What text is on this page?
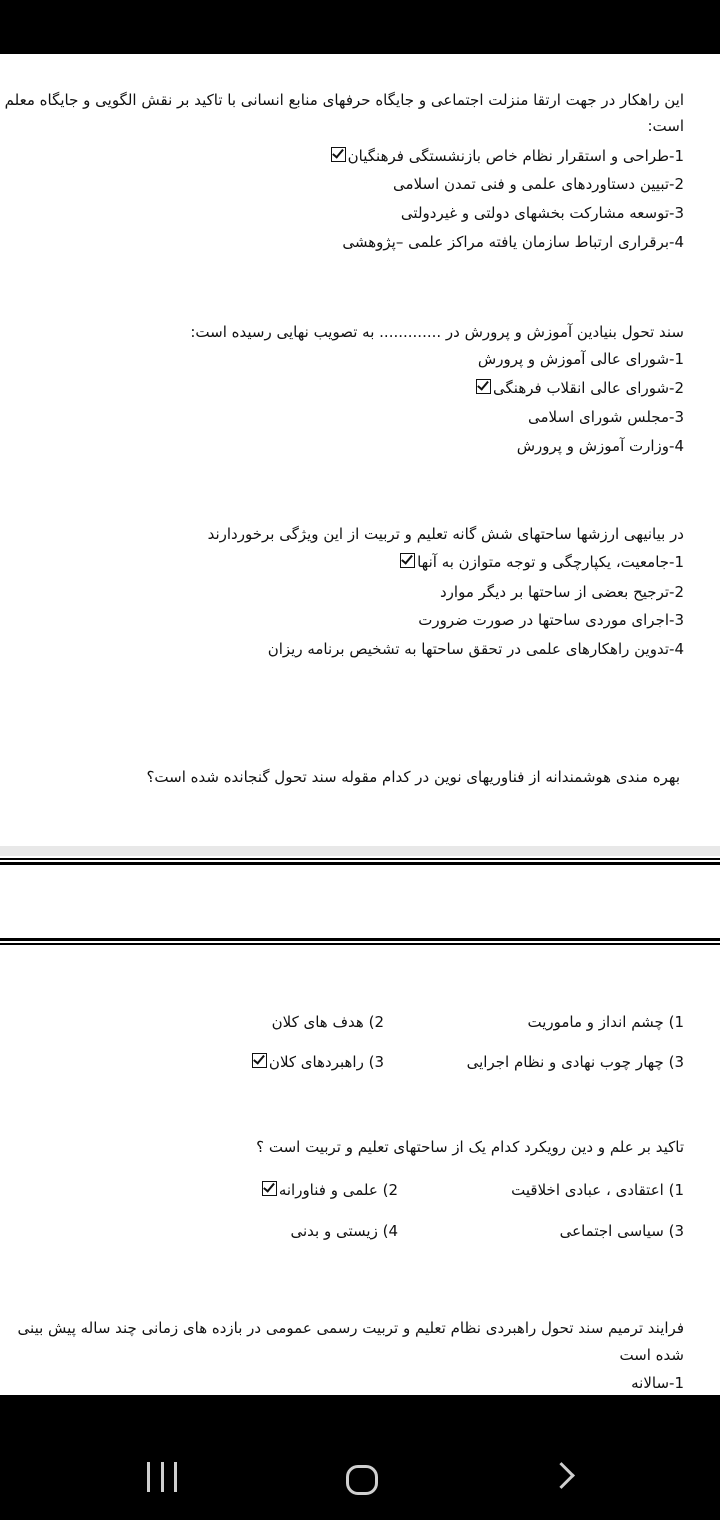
این راهکار در جهت ارتقا منزلت اجتماعی و جایگاه حرفهای منابع انسانی با تاکید بر نقش الگویی و جایگاه معلم
است:
1-طراحی و استقرار نظام خاص بازنشستگی فرهنگیان
2-تبیین دستاوردهای علمی و فنی تمدن اسلامی
3-توسعه مشارکت بخشهای دولتی و غیردولتی
4-برقراری ارتباط سازمان یافته مراکز علمی –پژوهشی
سند تحول بنیادین آموزش و پرورش در ............. به تصویب نهایی رسیده است:
1-شورای عالی آموزش و پرورش
2-شورای عالی انقلاب فرهنگی
3-مجلس شورای اسلامی
4-وزارت آموزش و پرورش
در بیانیهی ارزشها ساحتهای شش گانه تعلیم و تربیت از این ویژگی برخوردارند
1-جامعیت، یکپارچگی و توجه متوازن به آنها
2-ترجیح بعضی از ساحتها بر دیگر موارد
3-اجرای موردی ساحتها در صورت ضرورت
4-تدوین راهکارهای علمی در تحقق ساحتها به تشخیص برنامه ریزان
بهره مندی هوشمندانه از فناوریهای نوین در کدام مقوله سند تحول گنجانده شده است؟
1) چشم انداز و ماموریت
2) هدف های کلان
3) چهار چوب نهادی و نظام اجرایی
3) راهبردهای کلان
تاکید بر علم و دین رویکرد کدام یک از ساحتهای تعلیم و تربیت است ؟
1) اعتقادی ، عبادی اخلاقیت
2) علمی و فناورانه
3) سیاسی اجتماعی
4) زیستی و بدنی
فرایند ترمیم سند تحول راهبردی نظام تعلیم و تربیت رسمی عمومی در بازده های زمانی چند ساله پیش بینی
شده است
1-سالانه
